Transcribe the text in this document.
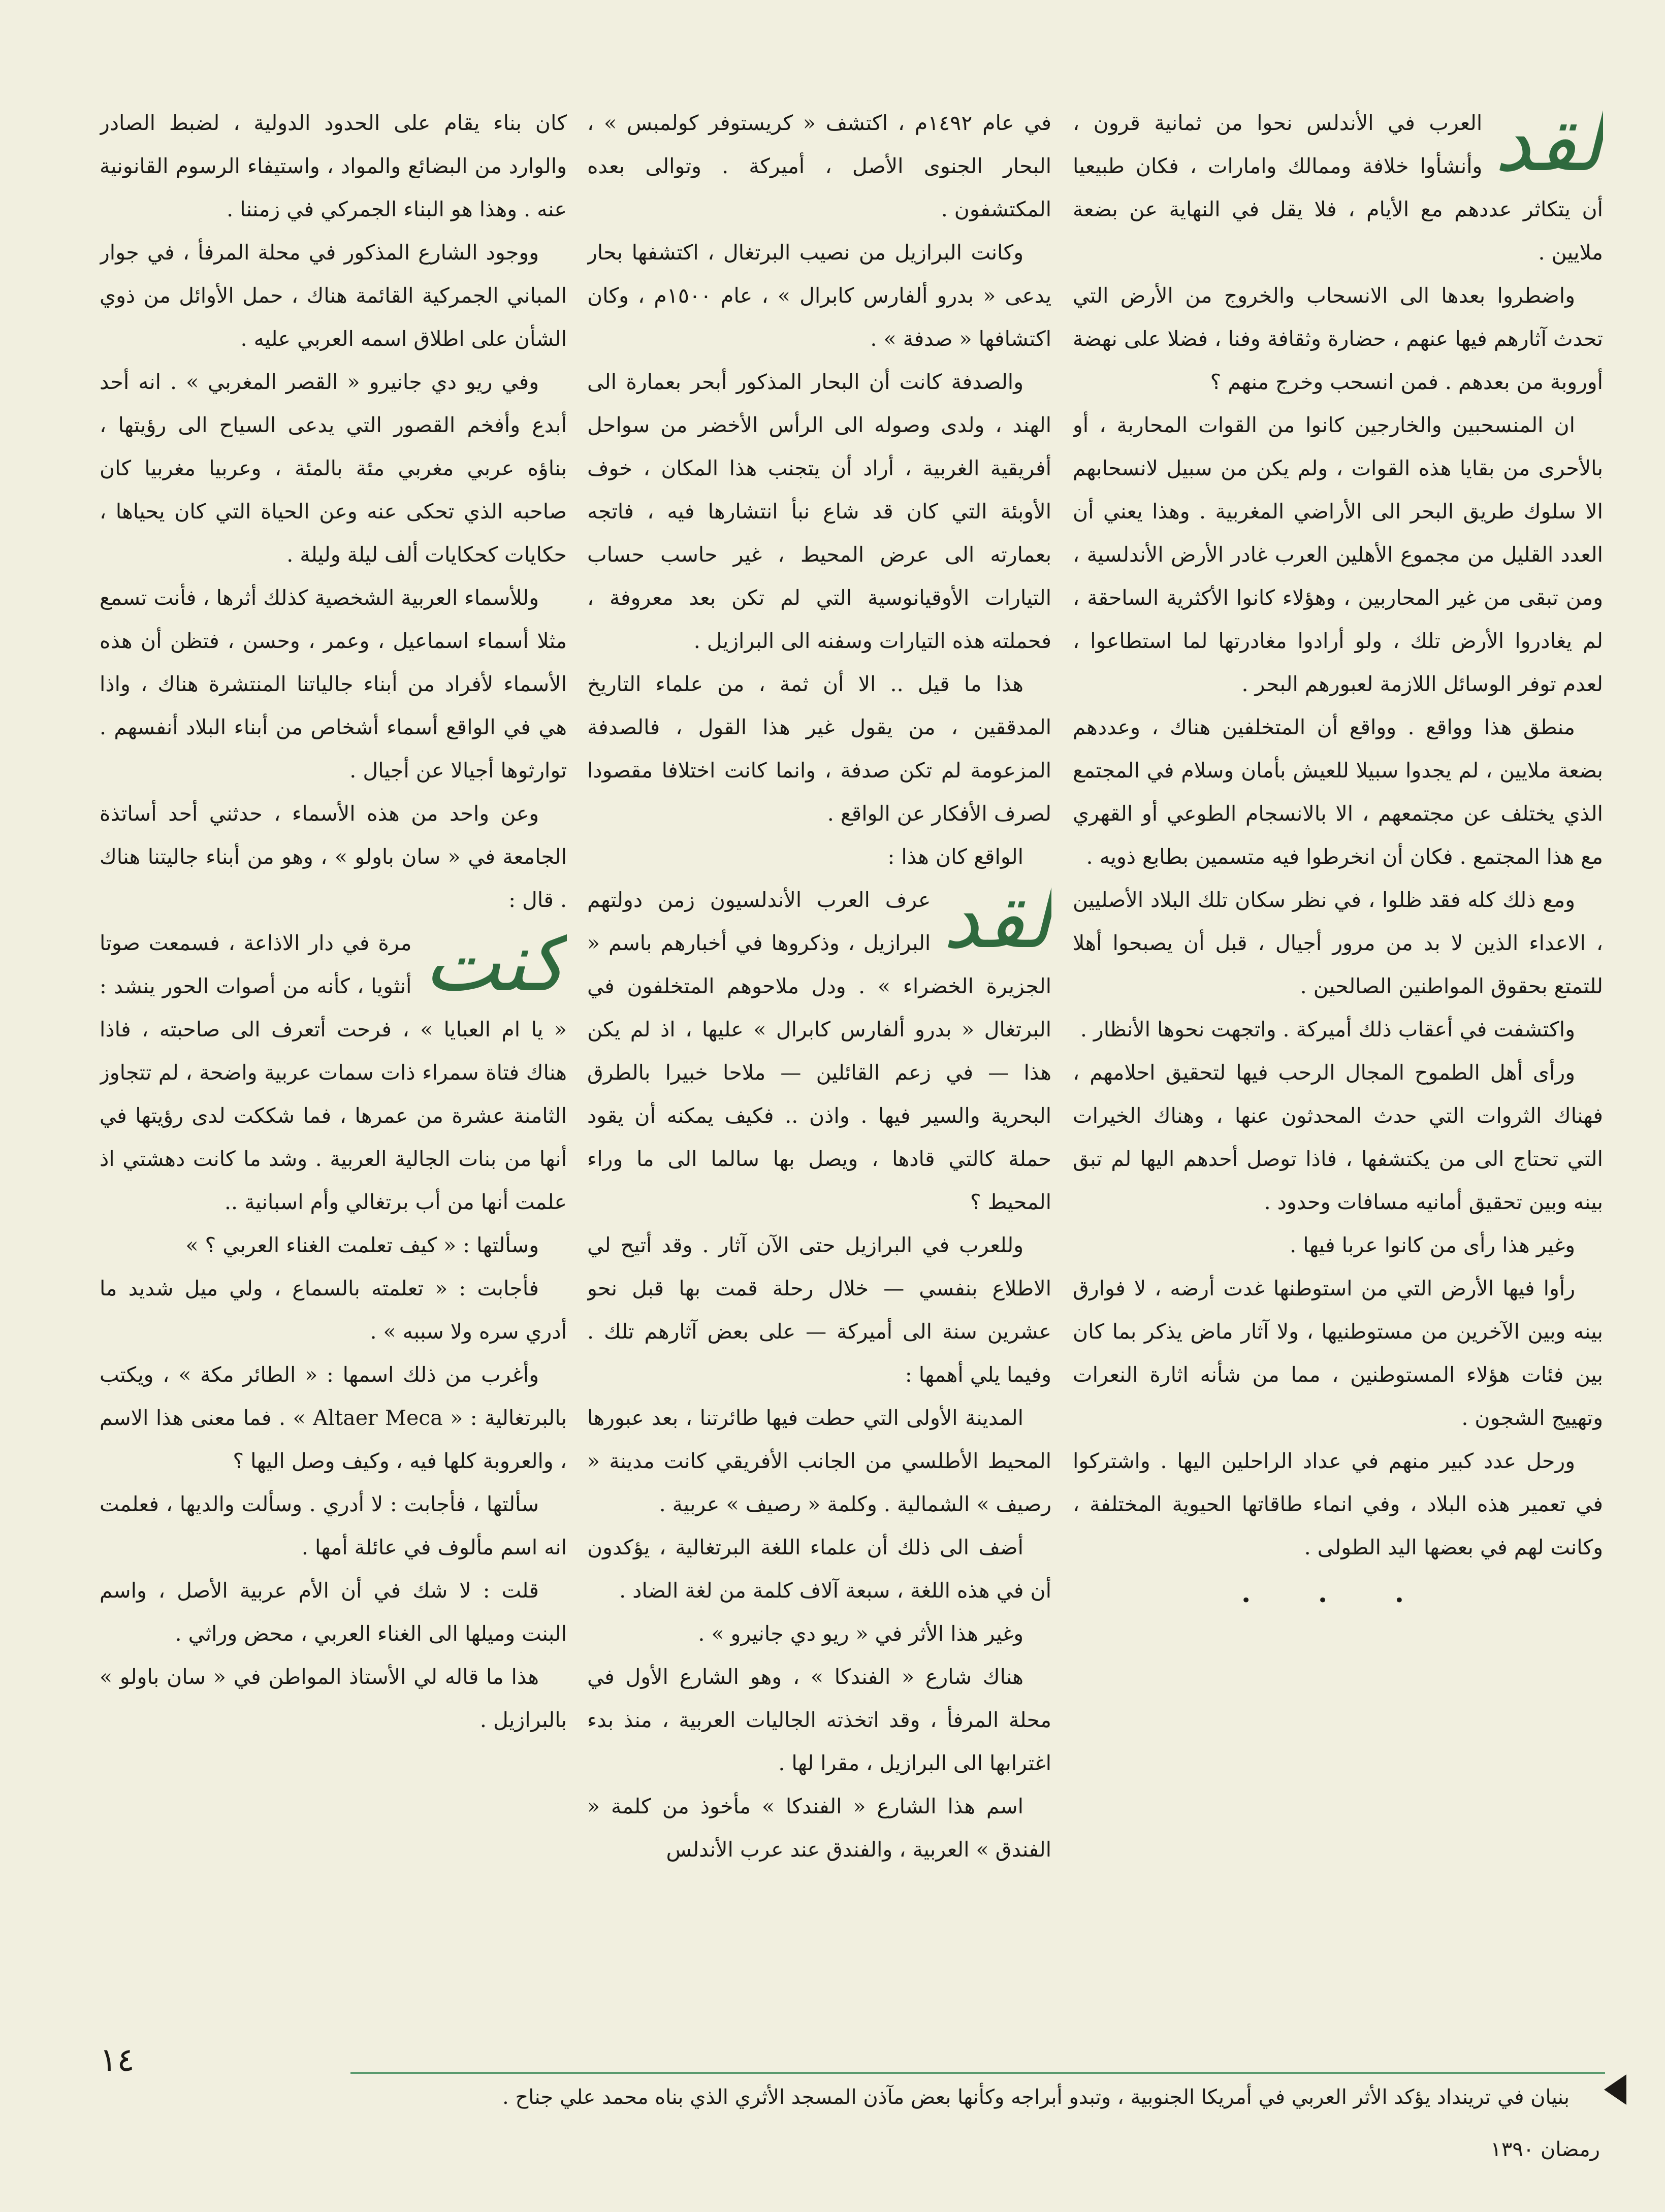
لقد

العرب في الأندلس نحوا من ثمانية قرون ، وأنشأوا خلافة وممالك وامارات ، فكان طبيعيا أن يتكاثر عددهم مع الأيام ، فلا يقل في النهاية عن بضعة ملايين .

واضطروا بعدها الى الانسحاب والخروج من الأرض التي تحدث آثارهم فيها عنهم ، حضارة وثقافة وفنا ، فضلا على نهضة أوروبة من بعدهم . فمن انسحب وخرج منهم ؟

ان المنسحبين والخارجين كانوا من القوات المحاربة ، أو بالأحرى من بقايا هذه القوات ، ولم يكن من سبيل لانسحابهم الا سلوك طريق البحر الى الأراضي المغربية . وهذا يعني أن العدد القليل من مجموع الأهلين العرب غادر الأرض الأندلسية ، ومن تبقى من غير المحاربين ، وهؤلاء كانوا الأكثرية الساحقة ، لم يغادروا الأرض تلك ، ولو أرادوا مغادرتها لما استطاعوا ، لعدم توفر الوسائل اللازمة لعبورهم البحر .

منطق هذا وواقع . وواقع أن المتخلفين هناك ، وعددهم بضعة ملايين ، لم يجدوا سبيلا للعيش بأمان وسلام في المجتمع الذي يختلف عن مجتمعهم ، الا بالانسجام الطوعي أو القهري مع هذا المجتمع . فكان أن انخرطوا فيه متسمين بطابع ذويه .

ومع ذلك كله فقد ظلوا ، في نظر سكان تلك البلاد الأصليين ، الاعداء الذين لا بد من مرور أجيال ، قبل أن يصبحوا أهلا للتمتع بحقوق المواطنين الصالحين .

واكتشفت في أعقاب ذلك أميركة . واتجهت نحوها الأنظار .

ورأى أهل الطموح المجال الرحب فيها لتحقيق احلامهم ، فهناك الثروات التي حدث المحدثون عنها ، وهناك الخيرات التي تحتاج الى من يكتشفها ، فاذا توصل أحدهم اليها لم تبق بينه وبين تحقيق أمانيه مسافات وحدود .

وغير هذا رأى من كانوا عربا فيها .

رأوا فيها الأرض التي من استوطنها غدت أرضه ، لا فوارق بينه وبين الآخرين من مستوطنيها ، ولا آثار ماض يذكر بما كان بين فئات هؤلاء المستوطنين ، مما من شأنه اثارة النعرات وتهييج الشجون .

ورحل عدد كبير منهم في عداد الراحلين اليها . واشتركوا في تعمير هذه البلاد ، وفي انماء طاقاتها الحيوية المختلفة ، وكانت لهم في بعضها اليد الطولى .

• • •

في عام ١٤٩٢م ، اكتشف « كريستوفر كولمبس » ، البحار الجنوى الأصل ، أميركة . وتوالى بعده المكتشفون .

وكانت البرازيل من نصيب البرتغال ، اكتشفها بحار يدعى « بدرو ألفارس كابرال » ، عام ١٥٠٠م ، وكان اكتشافها « صدفة » .

والصدفة كانت أن البحار المذكور أبحر بعمارة الى الهند ، ولدى وصوله الى الرأس الأخضر من سواحل أفريقية الغربية ، أراد أن يتجنب هذا المكان ، خوف الأوبئة التي كان قد شاع نبأ انتشارها فيه ، فاتجه بعمارته الى عرض المحيط ، غير حاسب حساب التيارات الأوقيانوسية التي لم تكن بعد معروفة ، فحملته هذه التيارات وسفنه الى البرازيل .

هذا ما قيل .. الا أن ثمة ، من علماء التاريخ المدققين ، من يقول غير هذا القول ، فالصدفة المزعومة لم تكن صدفة ، وانما كانت اختلافا مقصودا لصرف الأفكار عن الواقع .

الواقع كان هذا :

لقد

عرف العرب الأندلسيون زمن دولتهم البرازيل ، وذكروها في أخبارهم باسم « الجزيرة الخضراء » . ودل ملاحوهم المتخلفون في البرتغال « بدرو ألفارس كابرال » عليها ، اذ لم يكن هذا — في زعم القائلين — ملاحا خبيرا بالطرق البحرية والسير فيها . واذن .. فكيف يمكنه أن يقود حملة كالتي قادها ، ويصل بها سالما الى ما وراء المحيط ؟

وللعرب في البرازيل حتى الآن آثار . وقد أتيح لي الاطلاع بنفسي — خلال رحلة قمت بها قبل نحو عشرين سنة الى أميركة — على بعض آثارهم تلك . وفيما يلي أهمها :

المدينة الأولى التي حطت فيها طائرتنا ، بعد عبورها المحيط الأطلسي من الجانب الأفريقي كانت مدينة « رصيف » الشمالية . وكلمة « رصيف » عربية .

أضف الى ذلك أن علماء اللغة البرتغالية ، يؤكدون أن في هذه اللغة ، سبعة آلاف كلمة من لغة الضاد .

وغير هذا الأثر في « ريو دي جانيرو » .

هناك شارع « الفندكا » ، وهو الشارع الأول في محلة المرفأ ، وقد اتخذته الجاليات العربية ، منذ بدء اغترابها الى البرازيل ، مقرا لها .

اسم هذا الشارع « الفندكا » مأخوذ من كلمة « الفندق » العربية ، والفندق عند عرب الأندلس

كان بناء يقام على الحدود الدولية ، لضبط الصادر والوارد من البضائع والمواد ، واستيفاء الرسوم القانونية عنه . وهذا هو البناء الجمركي في زمننا .

ووجود الشارع المذكور في محلة المرفأ ، في جوار المباني الجمركية القائمة هناك ، حمل الأوائل من ذوي الشأن على اطلاق اسمه العربي عليه .

وفي ريو دي جانيرو « القصر المغربي » . انه أحد أبدع وأفخم القصور التي يدعى السياح الى رؤيتها ، بناؤه عربي مغربي مئة بالمئة ، وعربيا مغربيا كان صاحبه الذي تحكى عنه وعن الحياة التي كان يحياها ، حكايات كحكايات ألف ليلة وليلة .

وللأسماء العربية الشخصية كذلك أثرها ، فأنت تسمع مثلا أسماء اسماعيل ، وعمر ، وحسن ، فتظن أن هذه الأسماء لأفراد من أبناء جالياتنا المنتشرة هناك ، واذا هي في الواقع أسماء أشخاص من أبناء البلاد أنفسهم . توارثوها أجيالا عن أجيال .

وعن واحد من هذه الأسماء ، حدثني أحد أساتذة الجامعة في « سان باولو » ، وهو من أبناء جاليتنا هناك . قال :

كنت

مرة في دار الاذاعة ، فسمعت صوتا أنثويا ، كأنه من أصوات الحور ينشد : « يا ام العبايا » ، فرحت أتعرف الى صاحبته ، فاذا هناك فتاة سمراء ذات سمات عربية واضحة ، لم تتجاوز الثامنة عشرة من عمرها ، فما شككت لدى رؤيتها في أنها من بنات الجالية العربية . وشد ما كانت دهشتي اذ علمت أنها من أب برتغالي وأم اسبانية ..

وسألتها : « كيف تعلمت الغناء العربي ؟ »

فأجابت : « تعلمته بالسماع ، ولي ميل شديد ما أدري سره ولا سببه » .

وأغرب من ذلك اسمها : « الطائر مكة » ، ويكتب بالبرتغالية : « Altaer Meca » . فما معنى هذا الاسم ، والعروبة كلها فيه ، وكيف وصل اليها ؟

سألتها ، فأجابت : لا أدري . وسألت والديها ، فعلمت انه اسم مألوف في عائلة أمها .

قلت : لا شك في أن الأم عربية الأصل ، واسم البنت وميلها الى الغناء العربي ، محض وراثي .

هذا ما قاله لي الأستاذ المواطن في « سان باولو » بالبرازيل .

١٤
بنيان في ترينداد يؤكد الأثر العربي في أمريكا الجنوبية ، وتبدو أبراجه وكأنها بعض مآذن المسجد الأثري الذي بناه محمد علي جناح .
رمضان ١٣٩٠
